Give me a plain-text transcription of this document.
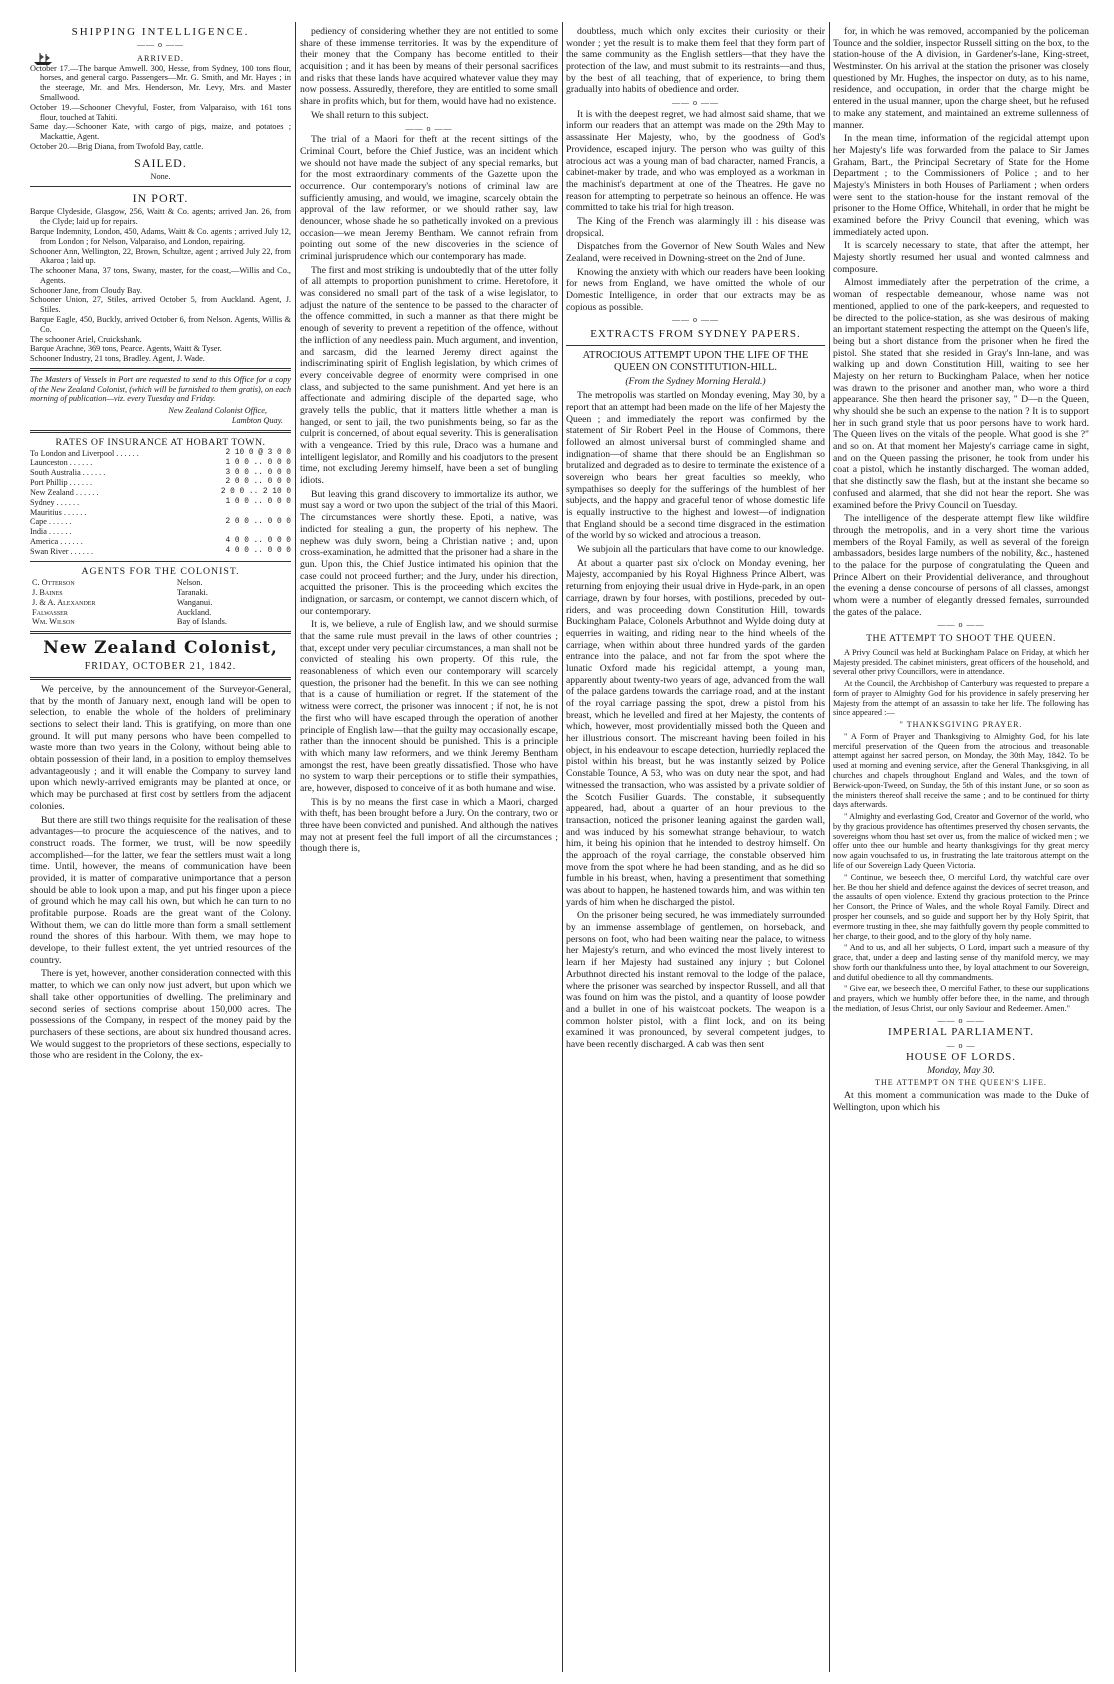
SHIPPING INTELLIGENCE.
—— o ——
ARRIVED.

October 17.—The barque Amwell. 300, Hesse, from Sydney, 100 tons flour, horses, and general cargo. Passengers—Mr. G. Smith, and Mr. Hayes ; in the steerage, Mr. and Mrs. Henderson, Mr. Levy, Mrs. and Master Smallwood.

October 19.—Schooner Chevyful, Foster, from Valparaiso, with 161 tons flour, touched at Tahiti.

Same day.—Schooner Kate, with cargo of pigs, maize, and potatoes ; Mackattie, Agent.

October 20.—Brig Diana, from Twofold Bay, cattle.

SAILED.
None.
IN PORT.

Barque Clydeside, Glasgow, 256, Waitt & Co. agents; arrived Jan. 26, from the Clyde; laid up for repairs.

Barque Indemnity, London, 450, Adams, Waitt & Co. agents ; arrived July 12, from London ; for Nelson, Valparaiso, and London, repairing.

Schooner Ann, Wellington, 22, Brown, Schultze, agent ; arrived July 22, from Akaroa ; laid up.

The schooner Mana, 37 tons, Swany, master, for the coast,—Willis and Co., Agents.

Schooner Jane, from Cloudy Bay.

Schooner Union, 27, Stiles, arrived October 5, from Auckland. Agent, J. Stiles.

Barque Eagle, 450, Buckly, arrived October 6, from Nelson. Agents, Willis & Co.

The schooner Ariel, Cruickshank.

Barque Arachne, 369 tons, Pearce. Agents, Waitt & Tyser.

Schooner Industry, 21 tons, Bradley. Agent, J. Wade.

The Masters of Vessels in Port are requested to send to this Office for a copy of the New Zealand Colonist, (which will be furnished to them gratis), on each morning of publication—viz. every Tuesday and Friday.

New Zealand Colonist Office,
Lambton Quay.
RATES OF INSURANCE AT HOBART TOWN.
To London and Liverpool . . . . . .	2 10 0 @ 3 0 0
Launceston . . . . . .	1 0 0 .. 0 0 0
South Australia . . . . . .	3 0 0 .. 0 0 0
Port Phillip . . . . . .	2 0 0 .. 0 0 0
New Zealand . . . . . .	2 0 0 .. 2 10 0
Sydney . . . . . .	1 0 0 .. 0 0 0
Mauritius . . . . . .	
Cape . . . . . .	2 0 0 .. 0 0 0
India . . . . . .	
America . . . . . .	4 0 0 .. 0 0 0
Swan River . . . . . .	4 0 0 .. 0 0 0
AGENTS FOR THE COLONIST.
C. Otterson	Nelson.
J. Baines	Taranaki.
J. & A. Alexander	Wanganui.
Falwasser	Auckland.
Wm. Wilson	Bay of Islands.
New Zealand Colonist,
FRIDAY, OCTOBER 21, 1842.

We perceive, by the announcement of the Surveyor-General, that by the month of January next, enough land will be open to selection, to enable the whole of the holders of preliminary sections to select their land. This is gratifying, on more than one ground. It will put many persons who have been compelled to waste more than two years in the Colony, without being able to obtain possession of their land, in a position to employ themselves advantageously ; and it will enable the Company to survey land upon which newly-arrived emigrants may be planted at once, or which may be purchased at first cost by settlers from the adjacent colonies.

But there are still two things requisite for the realisation of these advantages—to procure the acquiescence of the natives, and to construct roads. The former, we trust, will be now speedily accomplished—for the latter, we fear the settlers must wait a long time. Until, however, the means of communication have been provided, it is matter of comparative unimportance that a person should be able to look upon a map, and put his finger upon a piece of ground which he may call his own, but which he can turn to no profitable purpose. Roads are the great want of the Colony. Without them, we can do little more than form a small settlement round the shores of this harbour. With them, we may hope to develope, to their fullest extent, the yet untried resources of the country.

There is yet, however, another consideration connected with this matter, to which we can only now just advert, but upon which we shall take other opportunities of dwelling. The preliminary and second series of sections comprise about 150,000 acres. The possessions of the Company, in respect of the money paid by the purchasers of these sections, are about six hundred thousand acres. We would suggest to the proprietors of these sections, especially to those who are resident in the Colony, the ex-

pediency of considering whether they are not entitled to some share of these immense territories. It was by the expenditure of their money that the Company has become entitled to their acquisition ; and it has been by means of their personal sacrifices and risks that these lands have acquired whatever value they may now possess. Assuredly, therefore, they are entitled to some small share in profits which, but for them, would have had no existence.

We shall return to this subject.

—— o ——

The trial of a Maori for theft at the recent sittings of the Criminal Court, before the Chief Justice, was an incident which we should not have made the subject of any special remarks, but for the most extraordinary comments of the Gazette upon the occurrence. Our contemporary's notions of criminal law are sufficiently amusing, and would, we imagine, scarcely obtain the approval of the law reformer, or we should rather say, law denouncer, whose shade he so pathetically invoked on a previous occasion—we mean Jeremy Bentham. We cannot refrain from pointing out some of the new discoveries in the science of criminal jurisprudence which our contemporary has made.

The first and most striking is undoubtedly that of the utter folly of all attempts to proportion punishment to crime. Heretofore, it was considered no small part of the task of a wise legislator, to adjust the nature of the sentence to be passed to the character of the offence committed, in such a manner as that there might be enough of severity to prevent a repetition of the offence, without the infliction of any needless pain. Much argument, and invention, and sarcasm, did the learned Jeremy direct against the indiscriminating spirit of English legislation, by which crimes of every conceivable degree of enormity were comprised in one class, and subjected to the same punishment. And yet here is an affectionate and admiring disciple of the departed sage, who gravely tells the public, that it matters little whether a man is hanged, or sent to jail, the two punishments being, so far as the culprit is concerned, of about equal severity. This is generalisation with a vengeance. Tried by this rule, Draco was a humane and intelligent legislator, and Romilly and his coadjutors to the present time, not excluding Jeremy himself, have been a set of bungling idiots.

But leaving this grand discovery to immortalize its author, we must say a word or two upon the subject of the trial of this Maori. The circumstances were shortly these. Epoti, a native, was indicted for stealing a gun, the property of his nephew. The nephew was duly sworn, being a Christian native ; and, upon cross-examination, he admitted that the prisoner had a share in the gun. Upon this, the Chief Justice intimated his opinion that the case could not proceed further; and the Jury, under his direction, acquitted the prisoner. This is the proceeding which excites the indignation, or sarcasm, or contempt, we cannot discern which, of our contemporary.

It is, we believe, a rule of English law, and we should surmise that the same rule must prevail in the laws of other countries ; that, except under very peculiar circumstances, a man shall not be convicted of stealing his own property. Of this rule, the reasonableness of which even our contemporary will scarcely question, the prisoner had the benefit. In this we can see nothing that is a cause of humiliation or regret. If the statement of the witness were correct, the prisoner was innocent ; if not, he is not the first who will have escaped through the operation of another principle of English law—that the guilty may occasionally escape, rather than the innocent should be punished. This is a principle with which many law reformers, and we think Jeremy Bentham amongst the rest, have been greatly dissatisfied. Those who have no system to warp their perceptions or to stifle their sympathies, are, however, disposed to conceive of it as both humane and wise.

This is by no means the first case in which a Maori, charged with theft, has been brought before a Jury. On the contrary, two or three have been convicted and punished. And although the natives may not at present feel the full import of all the circumstances ; though there is,

doubtless, much which only excites their curiosity or their wonder ; yet the result is to make them feel that they form part of the same community as the English settlers—that they have the protection of the law, and must submit to its restraints—and thus, by the best of all teaching, that of experience, to bring them gradually into habits of obedience and order.

—— o ——

It is with the deepest regret, we had almost said shame, that we inform our readers that an attempt was made on the 29th May to assassinate Her Majesty, who, by the goodness of God's Providence, escaped injury. The person who was guilty of this atrocious act was a young man of bad character, named Francis, a cabinet-maker by trade, and who was employed as a workman in the machinist's department at one of the Theatres. He gave no reason for attempting to perpetrate so heinous an offence. He was committed to take his trial for high treason.

The King of the French was alarmingly ill : his disease was dropsical.

Dispatches from the Governor of New South Wales and New Zealand, were received in Downing-street on the 2nd of June.

Knowing the anxiety with which our readers have been looking for news from England, we have omitted the whole of our Domestic Intelligence, in order that our extracts may be as copious as possible.

—— o ——
EXTRACTS FROM SYDNEY PAPERS.
ATROCIOUS ATTEMPT UPON THE LIFE OF THE QUEEN ON CONSTITUTION-HILL.
(From the Sydney Morning Herald.)

The metropolis was startled on Monday evening, May 30, by a report that an attempt had been made on the life of her Majesty the Queen ; and immediately the report was confirmed by the statement of Sir Robert Peel in the House of Commons, there followed an almost universal burst of commingled shame and indignation—of shame that there should be an Englishman so brutalized and degraded as to desire to terminate the existence of a sovereign who bears her great faculties so meekly, who sympathises so deeply for the sufferings of the humblest of her subjects, and the happy and graceful tenor of whose domestic life is equally instructive to the highest and lowest—of indignation that England should be a second time disgraced in the estimation of the world by so wicked and atrocious a treason.

We subjoin all the particulars that have come to our knowledge.

At about a quarter past six o'clock on Monday evening, her Majesty, accompanied by his Royal Highness Prince Albert, was returning from enjoying their usual drive in Hyde-park, in an open carriage, drawn by four horses, with postilions, preceded by out-riders, and was proceeding down Constitution Hill, towards Buckingham Palace, Colonels Arbuthnot and Wylde doing duty at equerries in waiting, and riding near to the hind wheels of the carriage, when within about three hundred yards of the garden entrance into the palace, and not far from the spot where the lunatic Oxford made his regicidal attempt, a young man, apparently about twenty-two years of age, advanced from the wall of the palace gardens towards the carriage road, and at the instant of the royal carriage passing the spot, drew a pistol from his breast, which he levelled and fired at her Majesty, the contents of which, however, most providentially missed both the Queen and her illustrious consort. The miscreant having been foiled in his object, in his endeavour to escape detection, hurriedly replaced the pistol within his breast, but he was instantly seized by Police Constable Tounce, A 53, who was on duty near the spot, and had witnessed the transaction, who was assisted by a private soldier of the Scotch Fusilier Guards. The constable, it subsequently appeared, had, about a quarter of an hour previous to the transaction, noticed the prisoner leaning against the garden wall, and was induced by his somewhat strange behaviour, to watch him, it being his opinion that he intended to destroy himself. On the approach of the royal carriage, the constable observed him move from the spot where he had been standing, and as he did so fumble in his breast, when, having a presentiment that something was about to happen, he hastened towards him, and was within ten yards of him when he discharged the pistol.

On the prisoner being secured, he was immediately surrounded by an immense assemblage of gentlemen, on horseback, and persons on foot, who had been waiting near the palace, to witness her Majesty's return, and who evinced the most lively interest to learn if her Majesty had sustained any injury ; but Colonel Arbuthnot directed his instant removal to the lodge of the palace, where the prisoner was searched by inspector Russell, and all that was found on him was the pistol, and a quantity of loose powder and a bullet in one of his waistcoat pockets. The weapon is a common holster pistol, with a flint lock, and on its being examined it was pronounced, by several competent judges, to have been recently discharged. A cab was then sent

for, in which he was removed, accompanied by the policeman Tounce and the soldier, inspector Russell sitting on the box, to the station-house of the A division, in Gardener's-lane, King-street, Westminster. On his arrival at the station the prisoner was closely questioned by Mr. Hughes, the inspector on duty, as to his name, residence, and occupation, in order that the charge might be entered in the usual manner, upon the charge sheet, but he refused to make any statement, and maintained an extreme sullenness of manner.

In the mean time, information of the regicidal attempt upon her Majesty's life was forwarded from the palace to Sir James Graham, Bart., the Principal Secretary of State for the Home Department ; to the Commissioners of Police ; and to her Majesty's Ministers in both Houses of Parliament ; when orders were sent to the station-house for the instant removal of the prisoner to the Home Office, Whitehall, in order that he might be examined before the Privy Council that evening, which was immediately acted upon.

It is scarcely necessary to state, that after the attempt, her Majesty shortly resumed her usual and wonted calmness and composure.

Almost immediately after the perpetration of the crime, a woman of respectable demeanour, whose name was not mentioned, applied to one of the park-keepers, and requested to be directed to the police-station, as she was desirous of making an important statement respecting the attempt on the Queen's life, being but a short distance from the prisoner when he fired the pistol. She stated that she resided in Gray's Inn-lane, and was walking up and down Constitution Hill, waiting to see her Majesty on her return to Buckingham Palace, when her notice was drawn to the prisoner and another man, who wore a third appearance. She then heard the prisoner say, " D—n the Queen, why should she be such an expense to the nation ? It is to support her in such grand style that us poor persons have to work hard. The Queen lives on the vitals of the people. What good is she ?" and so on. At that moment her Majesty's carriage came in sight, and on the Queen passing the prisoner, he took from under his coat a pistol, which he instantly discharged. The woman added, that she distinctly saw the flash, but at the instant she became so confused and alarmed, that she did not hear the report. She was examined before the Privy Council on Tuesday.

The intelligence of the desperate attempt flew like wildfire through the metropolis, and in a very short time the various members of the Royal Family, as well as several of the foreign ambassadors, besides large numbers of the nobility, &c., hastened to the palace for the purpose of congratulating the Queen and Prince Albert on their Providential deliverance, and throughout the evening a dense concourse of persons of all classes, amongst whom were a number of elegantly dressed females, surrounded the gates of the palace.

—— o ——
THE ATTEMPT TO SHOOT THE QUEEN.

A Privy Council was held at Buckingham Palace on Friday, at which her Majesty presided. The cabinet ministers, great officers of the household, and several other privy Councillors, were in attendance.

At the Council, the Archbishop of Canterbury was requested to prepare a form of prayer to Almighty God for his providence in safely preserving her Majesty from the attempt of an assassin to take her life. The following has since appeared :—

" THANKSGIVING PRAYER.

" A Form of Prayer and Thanksgiving to Almighty God, for his late merciful preservation of the Queen from the atrocious and treasonable attempt against her sacred person, on Monday, the 30th May, 1842. To be used at morning and evening service, after the General Thanksgiving, in all churches and chapels throughout England and Wales, and the town of Berwick-upon-Tweed, on Sunday, the 5th of this instant June, or so soon as the ministers thereof shall receive the same ; and to be continued for thirty days afterwards.

" Almighty and everlasting God, Creator and Governor of the world, who by thy gracious providence has oftentimes preserved thy chosen servants, the sovereigns whom thou hast set over us, from the malice of wicked men ; we offer unto thee our humble and hearty thanksgivings for thy great mercy now again vouchsafed to us, in frustrating the late traitorous attempt on the life of our Sovereign Lady Queen Victoria.

" Continue, we beseech thee, O merciful Lord, thy watchful care over her. Be thou her shield and defence against the devices of secret treason, and the assaults of open violence. Extend thy gracious protection to the Prince her Consort, the Prince of Wales, and the whole Royal Family. Direct and prosper her counsels, and so guide and support her by thy Holy Spirit, that evermore trusting in thee, she may faithfully govern thy people committed to her charge, to their good, and to the glory of thy holy name.

" And to us, and all her subjects, O Lord, impart such a measure of thy grace, that, under a deep and lasting sense of thy manifold mercy, we may show forth our thankfulness unto thee, by loyal attachment to our Sovereign, and dutiful obedience to all thy commandments.

" Give ear, we beseech thee, O merciful Father, to these our supplications and prayers, which we humbly offer before thee, in the name, and through the mediation, of Jesus Christ, our only Saviour and Redeemer. Amen."

—— o ——
IMPERIAL PARLIAMENT.
— o —
HOUSE OF LORDS.
Monday, May 30.
THE ATTEMPT ON THE QUEEN'S LIFE.

At this moment a communication was made to the Duke of Wellington, upon which his
